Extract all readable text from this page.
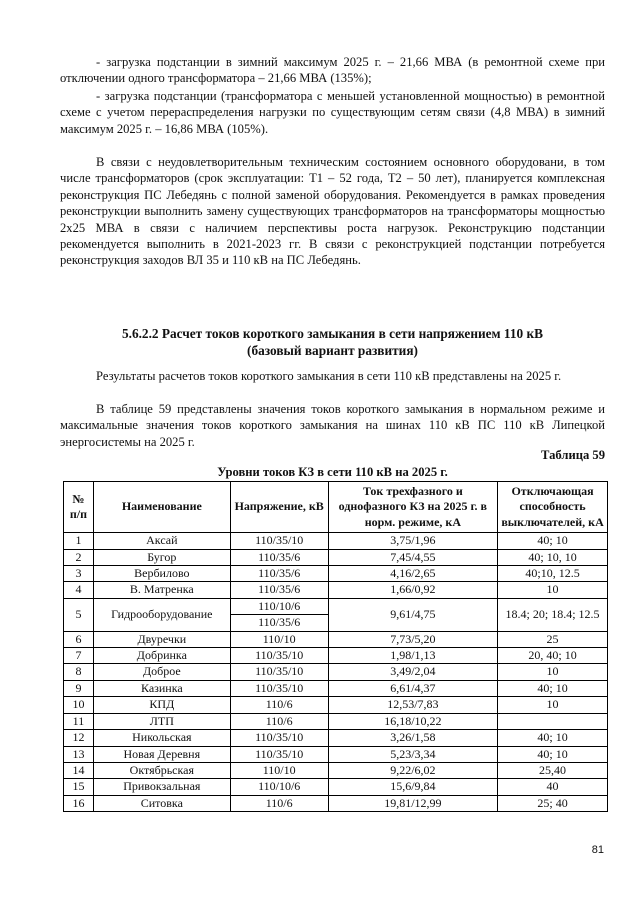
- загрузка подстанции в зимний максимум 2025 г. – 21,66 МВА (в ремонтной схеме при отключении одного трансформатора – 21,66 МВА (135%);

- загрузка подстанции (трансформатора с меньшей установленной мощностью) в ремонтной схеме с учетом перераспределения нагрузки по существующим сетям связи (4,8 МВА) в зимний максимум 2025 г. – 16,86 МВА (105%).

В связи с неудовлетворительным техническим состоянием основного оборудовани, в том числе трансформаторов (срок эксплуатации: Т1 – 52 года, Т2 – 50 лет), планируется комплексная реконструкция ПС Лебедянь с полной заменой оборудования. Рекомендуется в рамках проведения реконструкции выполнить замену существующих трансформаторов на трансформаторы мощностью 2х25 МВА в связи с наличием перспективы роста нагрузок. Реконструкцию подстанции рекомендуется выполнить в 2021-2023 гг. В связи с реконструкцией подстанции потребуется реконструкция заходов ВЛ 35 и 110 кВ на ПС Лебедянь.

5.6.2.2 Расчет токов короткого замыкания в сети напряжением 110 кВ
(базовый вариант развития)

Результаты расчетов токов короткого замыкания в сети 110 кВ представлены на 2025 г.

В таблице 59 представлены значения токов короткого замыкания в нормальном режиме и максимальные значения токов короткого замыкания на шинах 110 кВ ПС 110 кВ Липецкой энергосистемы на 2025 г.

Таблица 59
Уровни токов КЗ в сети 110 кВ на 2025 г.
№ п/п	Наименование	Напряжение, кВ	Ток трехфазного и однофазного КЗ на 2025 г. в норм. режиме, кА	Отключающая способность выключателей, кА
1	Аксай	110/35/10	3,75/1,96	40; 10
2	Бугор	110/35/6	7,45/4,55	40; 10, 10
3	Вербилово	110/35/6	4,16/2,65	40;10, 12.5
4	В. Матренка	110/35/6	1,66/0,92	10
5	Гидрооборудование	110/10/6	9,61/4,75	18.4; 20; 18.4; 12.5
		110/35/6		
6	Двуречки	110/10	7,73/5,20	25
7	Добринка	110/35/10	1,98/1,13	20, 40; 10
8	Доброе	110/35/10	3,49/2,04	10
9	Казинка	110/35/10	6,61/4,37	40; 10
10	КПД	110/6	12,53/7,83	10
11	ЛТП	110/6	16,18/10,22	
12	Никольская	110/35/10	3,26/1,58	40; 10
13	Новая Деревня	110/35/10	5,23/3,34	40; 10
14	Октябрьская	110/10	9,22/6,02	25,40
15	Привокзальная	110/10/6	15,6/9,84	40
16	Ситовка	110/6	19,81/12,99	25; 40
81
